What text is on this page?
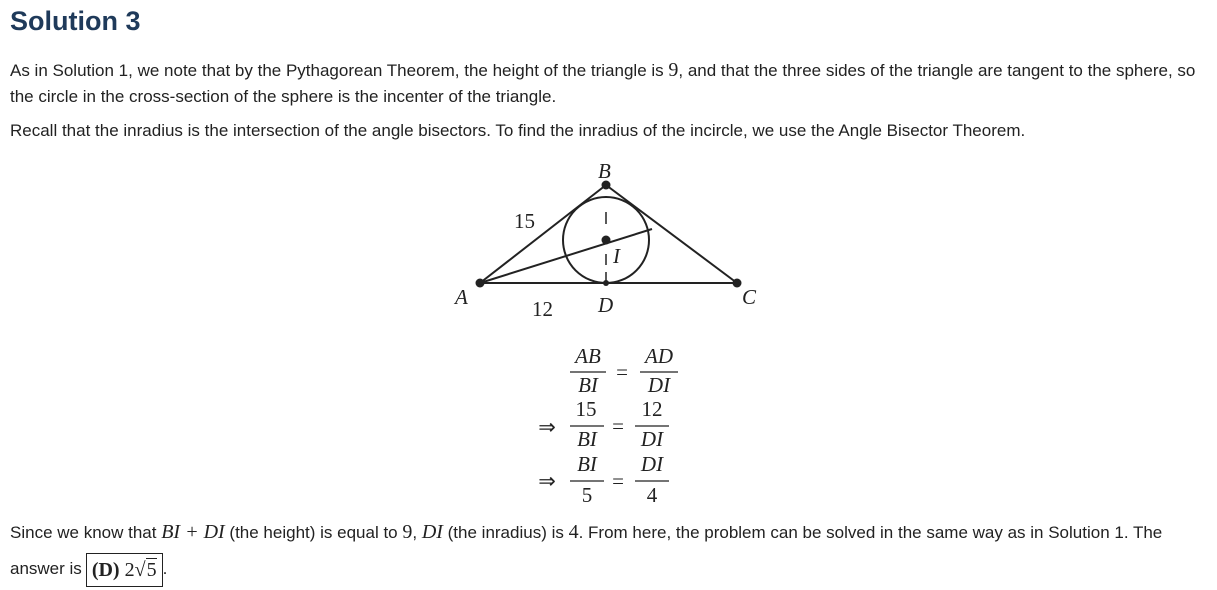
Solution 3

As in Solution 1, we note that by the Pythagorean Theorem, the height of the triangle is 9, and that the three sides of the triangle are tangent to the sphere, so the circle in the cross-section of the sphere is the incenter of the triangle.

Recall that the inradius is the intersection of the angle bisectors. To find the inradius of the incircle, we use the Angle Bisector Theorem.

B
A	C
D
I
15
12
AB
BI
=
AD
DI
⇒
15
BI
=
12
DI
⇒
BI
5
=
DI
4

Since we know that BI + DI (the height) is equal to 9, DI (the inradius) is 4. From here, the problem can be solved in the same way as in Solution 1. The answer is (D) 2√5 .
